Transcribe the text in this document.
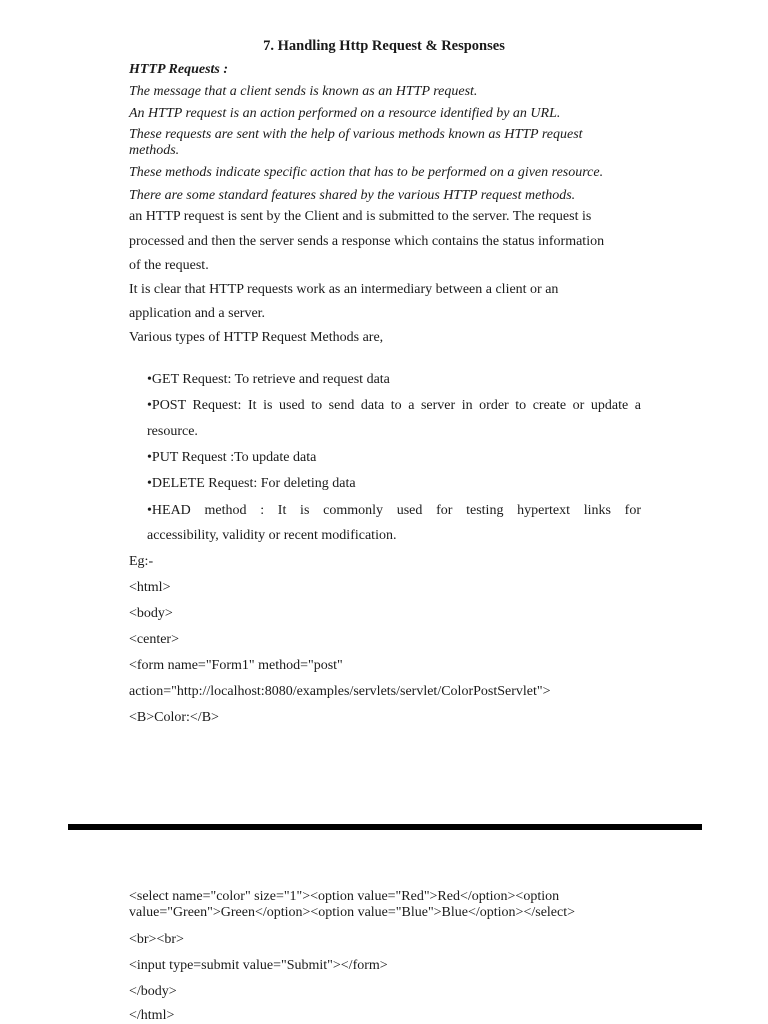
7. Handling Http Request & Responses
HTTP Requests :
The message that a client sends is known as an HTTP request.
An HTTP request is an action performed on a resource identified by an URL.
These requests are sent with the help of various methods known as HTTP request methods.
These methods indicate specific action that has to be performed on a given resource.
There are some standard features shared by the various HTTP request methods.
an HTTP request is sent by the Client and is submitted to the server. The request is
processed and then the server sends a response which contains the status information
of the request.
It is clear that HTTP requests work as an intermediary between a client or an
application and a server.
Various types of HTTP Request Methods are,
•GET Request: To retrieve and request data
•POST Request: It is used to send data to a server in order to create or update a
resource.
•PUT Request :To update data
•DELETE Request: For deleting data
•HEAD method : It is commonly used for testing hypertext links for
accessibility, validity or recent modification.
Eg:-
<html>
<body>
<center>
<form name="Form1" method="post"
action="http://localhost:8080/examples/servlets/servlet/ColorPostServlet">
<B>Color:</B>
<select name="color" size="1"><option value="Red">Red</option><option value="Green">Green</option><option value="Blue">Blue</option></select>
<br><br>
<input type=submit value="Submit"></form>
</body>
</html>
